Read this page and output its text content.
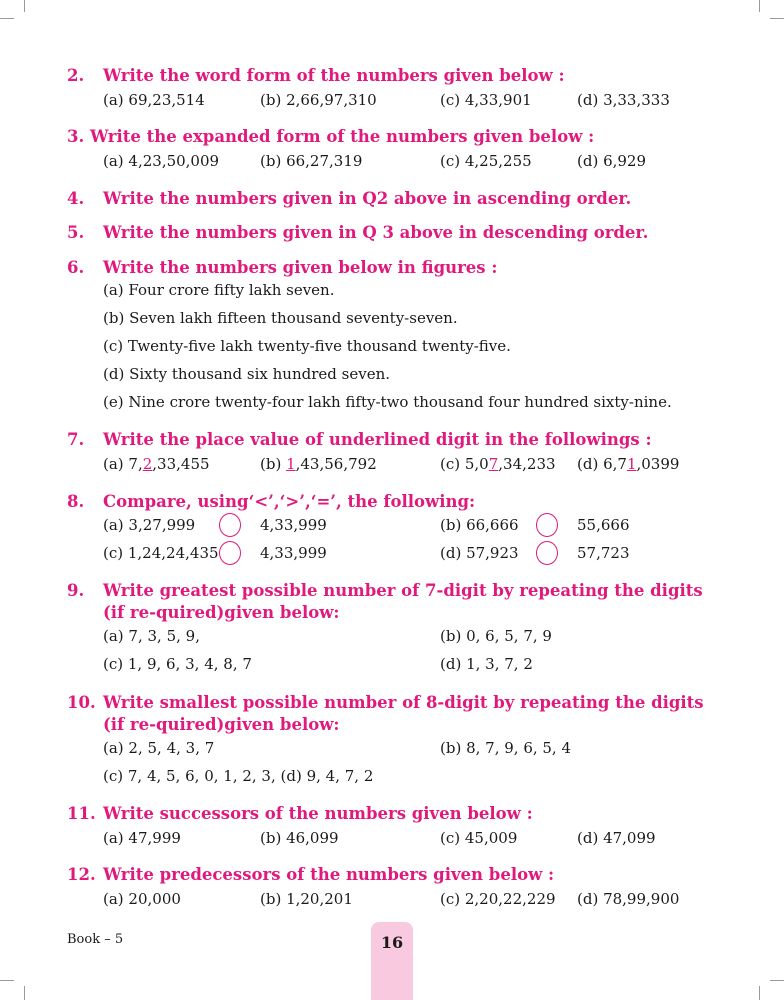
2. Write the word form of the numbers given below :
(a) 69,23,514	(b) 2,66,97,310	(c) 4,33,901	(d) 3,33,333
3. Write the expanded form of the numbers given below :
(a) 4,23,50,009	(b) 66,27,319	(c) 4,25,255	(d) 6,929
4. Write the numbers given in Q2 above in ascending order.
5. Write the numbers given in Q 3 above in descending order.
6. Write the numbers given below in figures :
(a) Four crore fifty lakh seven.
(b) Seven lakh fifteen thousand seventy-seven.
(c) Twenty-five lakh twenty-five thousand twenty-five.
(d) Sixty thousand six hundred seven.
(e) Nine crore twenty-four lakh fifty-two thousand four hundred sixty-nine.
7. Write the place value of underlined digit in the followings :
(a) 7,2,33,455	(b) 1,43,56,792	(c) 5,07,34,233 (d) 6,71,0399
8. Compare, using‘<’,‘>’,‘=’, the following:
(a) 3,27,999	4,33,999	(b) 66,666	55,666
(c) 1,24,24,435	4,33,999	(d) 57,923	57,723
9. Write greatest possible number of 7-digit by repeating the digits (if re-quired)given below:
(a) 7, 3, 5, 9,	(b) 0, 6, 5, 7, 9
(c) 1, 9, 6, 3, 4, 8, 7	(d) 1, 3, 7, 2
10. Write smallest possible number of 8-digit by repeating the digits (if re-quired)given below:
(a) 2, 5, 4, 3, 7	(b) 8, 7, 9, 6, 5, 4
(c) 7, 4, 5, 6, 0, 1, 2, 3, (d) 9, 4, 7, 2
11. Write successors of the numbers given below :
(a) 47,999	(b) 46,099	(c) 45,009	(d) 47,099
12. Write predecessors of the numbers given below :
(a) 20,000	(b) 1,20,201	(c) 2,20,22,229 (d) 78,99,900
Book – 5	16
